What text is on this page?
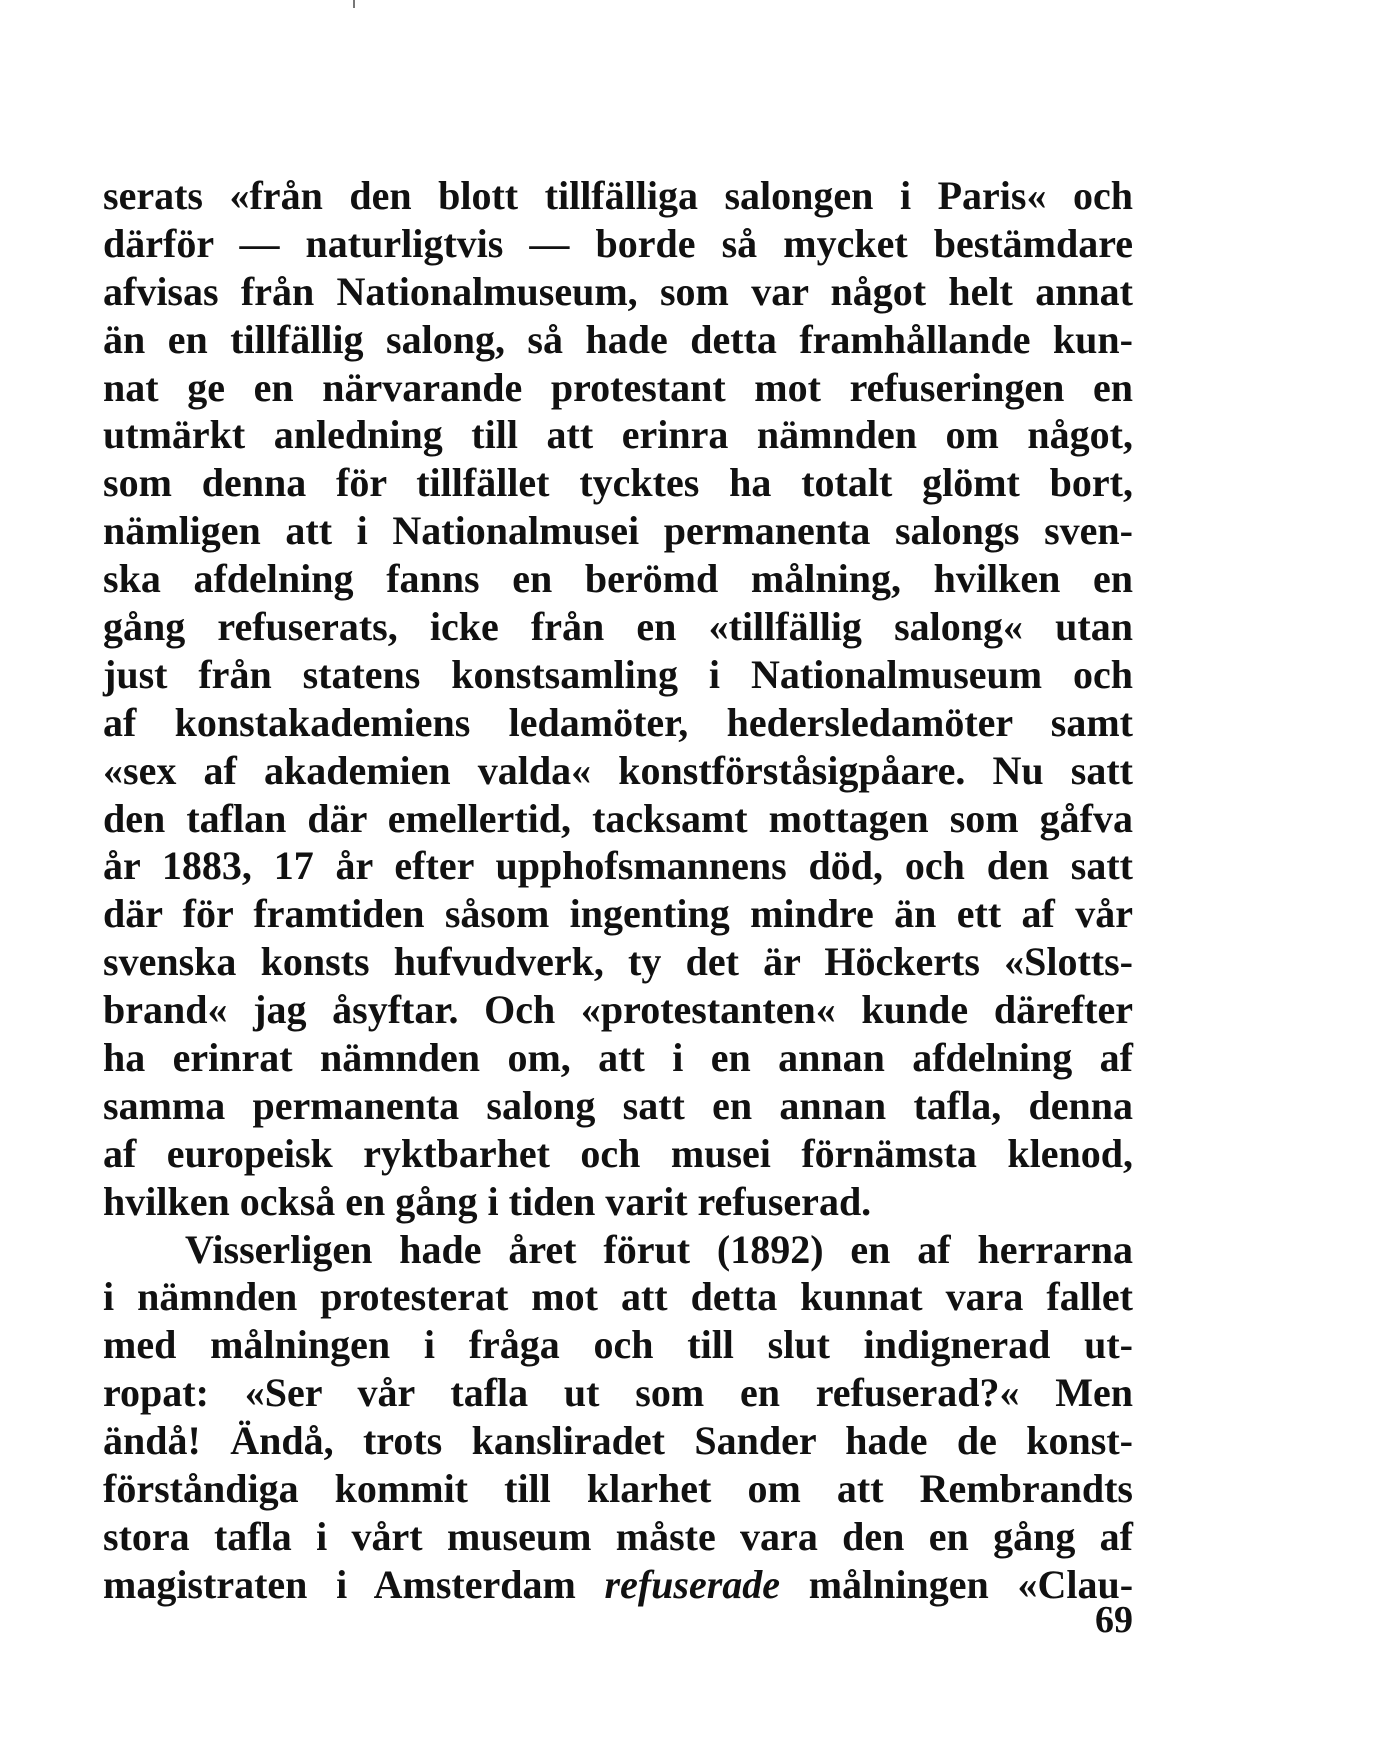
serats «från den blott tillfälliga salongen i Paris« och
därför — naturligtvis — borde så mycket bestämdare
afvisas från Nationalmuseum, som var något helt annat
än en tillfällig salong, så hade detta framhållande kun-
nat ge en närvarande protestant mot refuseringen en
utmärkt anledning till att erinra nämnden om något,
som denna för tillfället tycktes ha totalt glömt bort,
nämligen att i Nationalmusei permanenta salongs sven-
ska afdelning fanns en berömd målning, hvilken en
gång refuserats, icke från en «tillfällig salong« utan
just från statens konstsamling i Nationalmuseum och
af konstakademiens ledamöter, hedersledamöter samt
«sex af akademien valda« konstförståsigpåare. Nu satt
den taflan där emellertid, tacksamt mottagen som gåfva
år 1883, 17 år efter upphofsmannens död, och den satt
där för framtiden såsom ingenting mindre än ett af vår
svenska konsts hufvudverk, ty det är Höckerts «Slotts-
brand« jag åsyftar. Och «protestanten« kunde därefter
ha erinrat nämnden om, att i en annan afdelning af
samma permanenta salong satt en annan tafla, denna
af europeisk ryktbarhet och musei förnämsta klenod,
hvilken också en gång i tiden varit refuserad.
Visserligen hade året förut (1892) en af herrarna
i nämnden protesterat mot att detta kunnat vara fallet
med målningen i fråga och till slut indignerad ut-
ropat: «Ser vår tafla ut som en refuserad?« Men
ändå! Ändå, trots kansliradet Sander hade de konst-
förståndiga kommit till klarhet om att Rembrandts
stora tafla i vårt museum måste vara den en gång af
magistraten i Amsterdam refuserade målningen «Clau-
69
